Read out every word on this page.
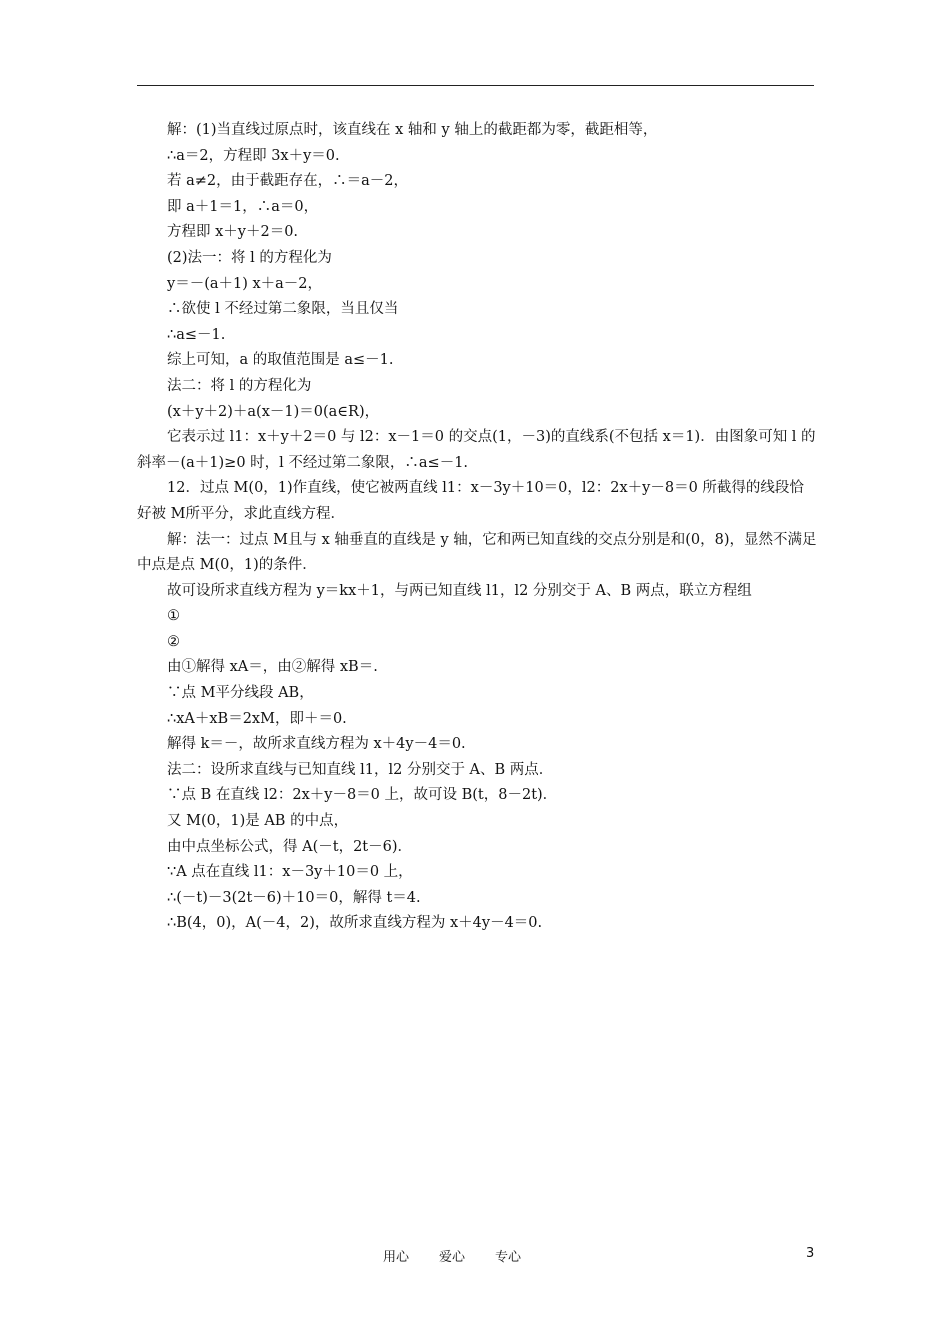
解：(1)当直线过原点时，该直线在 x 轴和 y 轴上的截距都为零，截距相等，
∴a＝2，方程即 3x＋y＝0.
若 a≠2，由于截距存在，∴＝a－2，
即 a＋1＝1，∴a＝0，
方程即 x＋y＋2＝0.
(2)法一：将 l 的方程化为
y＝－(a＋1) x＋a－2，
∴欲使 l 不经过第二象限，当且仅当
∴a≤－1.
综上可知，a 的取值范围是 a≤－1.
法二：将 l 的方程化为
(x＋y＋2)＋a(x－1)＝0(a∈R)，
它表示过 l1：x＋y＋2＝0 与 l2：x－1＝0 的交点(1，－3)的直线系(不包括 x＝1)．由图象可知 l 的斜率－(a＋1)≥0 时，l 不经过第二象限，∴a≤－1.
12．过点 M(0，1)作直线，使它被两直线 l1：x－3y＋10＝0，l2：2x＋y－8＝0 所截得的线段恰好被 M所平分，求此直线方程．
解：法一：过点 M且与 x 轴垂直的直线是 y 轴，它和两已知直线的交点分别是和(0，8)，显然不满足中点是点 M(0，1)的条件．
故可设所求直线方程为 y＝kx＋1，与两已知直线 l1，l2 分别交于 A、B 两点，联立方程组
①
②
由①解得 xA＝，由②解得 xB＝.
∵点 M平分线段 AB，
∴xA＋xB＝2xM，即＋＝0.
解得 k＝－，故所求直线方程为 x＋4y－4＝0.
法二：设所求直线与已知直线 l1，l2 分别交于 A、B 两点．
∵点 B 在直线 l2：2x＋y－8＝0 上，故可设 B(t，8－2t)．
又 M(0，1)是 AB 的中点，
由中点坐标公式，得 A(－t，2t－6)．
∵A 点在直线 l1：x－3y＋10＝0 上，
∴(－t)－3(2t－6)＋10＝0，解得 t＝4.
∴B(4，0)，A(－4，2)，故所求直线方程为 x＋4y－4＝0.
用心 爱心 专心	3
